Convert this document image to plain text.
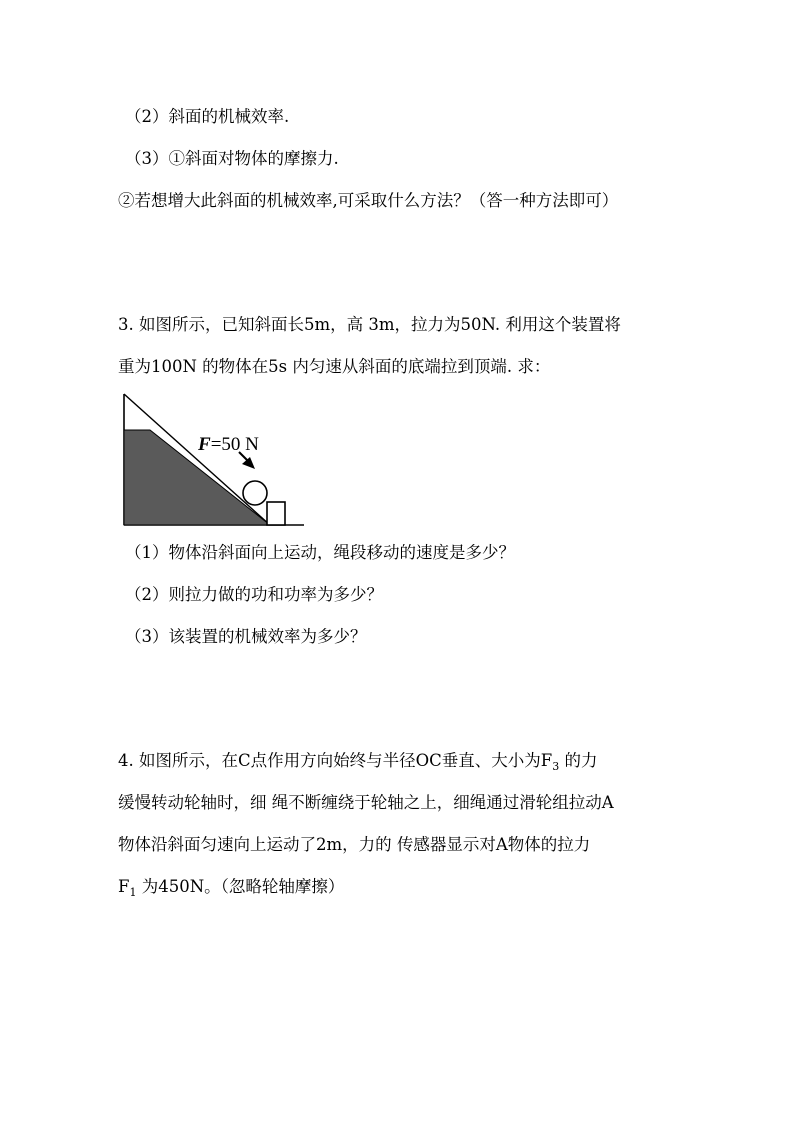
（2）斜面的机械效率.
（3）①斜面对物体的摩擦力.
②若想增大此斜面的机械效率,可采取什么方法？（答一种方法即可）
3. 如图所示，已知斜面长5m，高 3m，拉力为50N. 利用这个装置将
重为100N 的物体在5s 内匀速从斜面的底端拉到顶端. 求：
F=50 N
（1）物体沿斜面向上运动，绳段移动的速度是多少？
（2）则拉力做的功和功率为多少？
（3）该装置的机械效率为多少？
4. 如图所示，在C点作用方向始终与半径OC垂直、大小为$F_3$ 的力
缓慢转动轮轴时，细 绳不断缠绕于轮轴之上，细绳通过滑轮组拉动A
物体沿斜面匀速向上运动了2m，力的 传感器显示对A物体的拉力
$F_1$ 为450N。（忽略轮轴摩擦）
